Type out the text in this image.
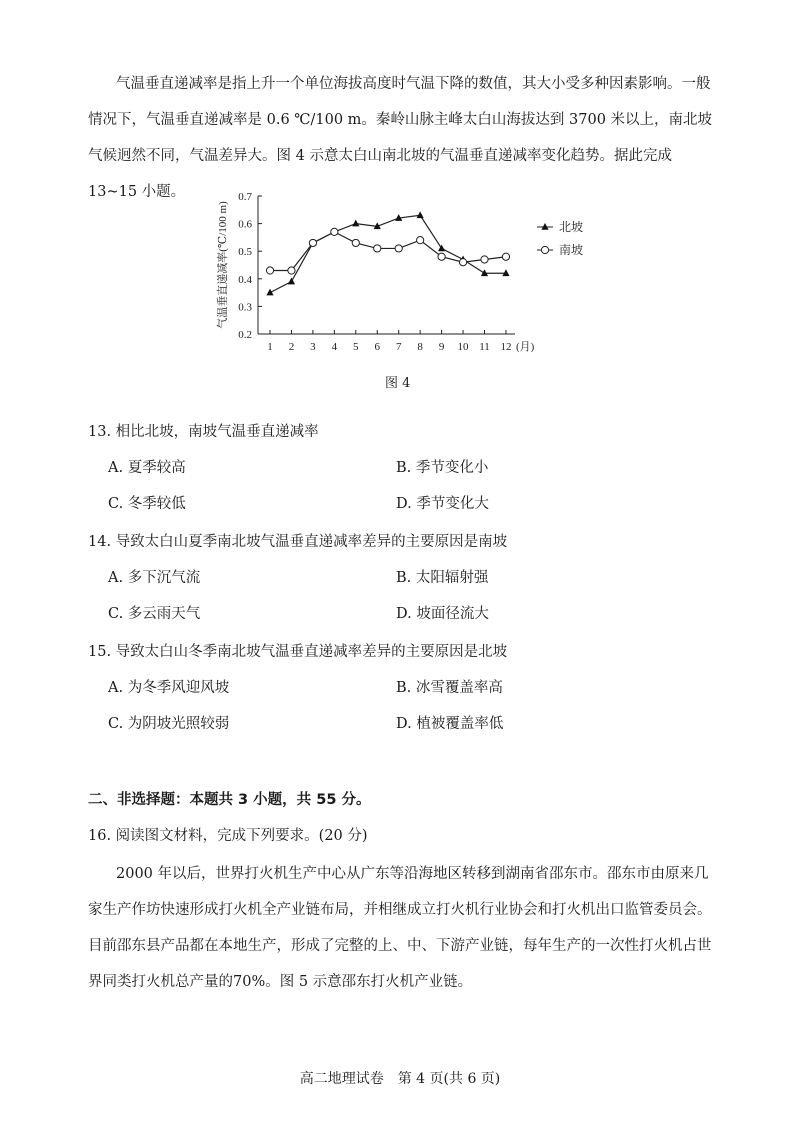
气温垂直递减率是指上升一个单位海拔高度时气温下降的数值，其大小受多种因素影响。一般情况下，气温垂直递减率是 0.6 ℃/100 m。秦岭山脉主峰太白山海拔达到 3700 米以上，南北坡气候迥然不同，气温差异大。图 4 示意太白山南北坡的气温垂直递减率变化趋势。据此完成 13~15 小题。

0.2
0.3
0.4
0.5
0.6
0.7
1 2 3 4 5 6 7 8 9 10 11 12 (月)
气温垂直递减率(℃/100 m)	北坡
南坡
图 4
13. 相比北坡，南坡气温垂直递减率
A. 夏季较高	B. 季节变化小
C. 冬季较低	D. 季节变化大
14. 导致太白山夏季南北坡气温垂直递减率差异的主要原因是南坡
A. 多下沉气流	B. 太阳辐射强
C. 多云雨天气	D. 坡面径流大
15. 导致太白山冬季南北坡气温垂直递减率差异的主要原因是北坡
A. 为冬季风迎风坡	B. 冰雪覆盖率高
C. 为阴坡光照较弱	D. 植被覆盖率低
二、非选择题：本题共 3 小题，共 55 分。
16. 阅读图文材料，完成下列要求。(20 分)

2000 年以后，世界打火机生产中心从广东等沿海地区转移到湖南省邵东市。邵东市由原来几家生产作坊快速形成打火机全产业链布局，并相继成立打火机行业协会和打火机出口监管委员会。目前邵东县产品都在本地生产，形成了完整的上、中、下游产业链，每年生产的一次性打火机占世界同类打火机总产量的70%。图 5 示意邵东打火机产业链。

高二地理试卷　第 4 页(共 6 页)
